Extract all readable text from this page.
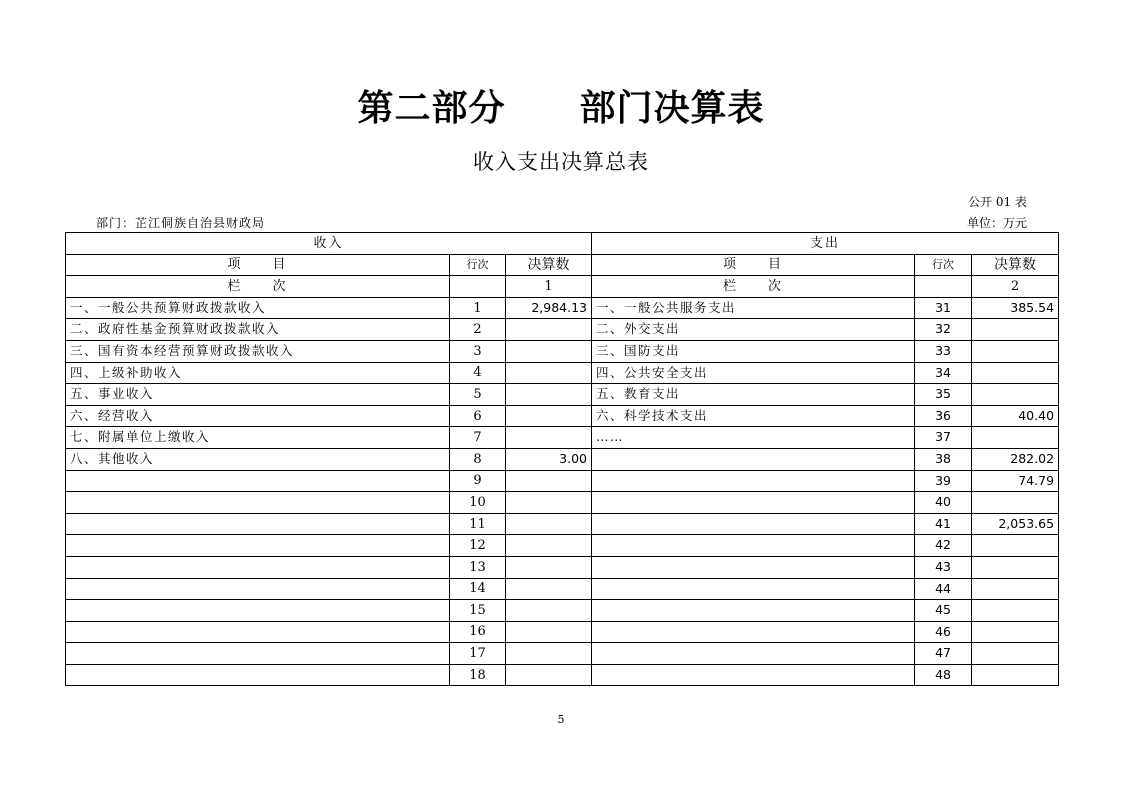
第二部分　　部门决算表
收入支出决算总表
公开 01 表
部门：芷江侗族自治县财政局	单位：万元
收入			支出		
项　　目	行次	决算数	项　　目	行次	决算数
栏　　次		1	栏　　次		2
一、一般公共预算财政拨款收入	1	2,984.13	一、一般公共服务支出	31	385.54
二、政府性基金预算财政拨款收入	2		二、外交支出	32	
三、国有资本经营预算财政拨款收入	3		三、国防支出	33	
四、上级补助收入	4		四、公共安全支出	34	
五、事业收入	5		五、教育支出	35	
六、经营收入	6		六、科学技术支出	36	40.40
七、附属单位上缴收入	7		……	37	
八、其他收入	8	3.00		38	282.02
	9			39	74.79
	10			40	
	11			41	2,053.65
	12			42	
	13			43	
	14			44	
	15			45	
	16			46	
	17			47	
	18			48	
5
